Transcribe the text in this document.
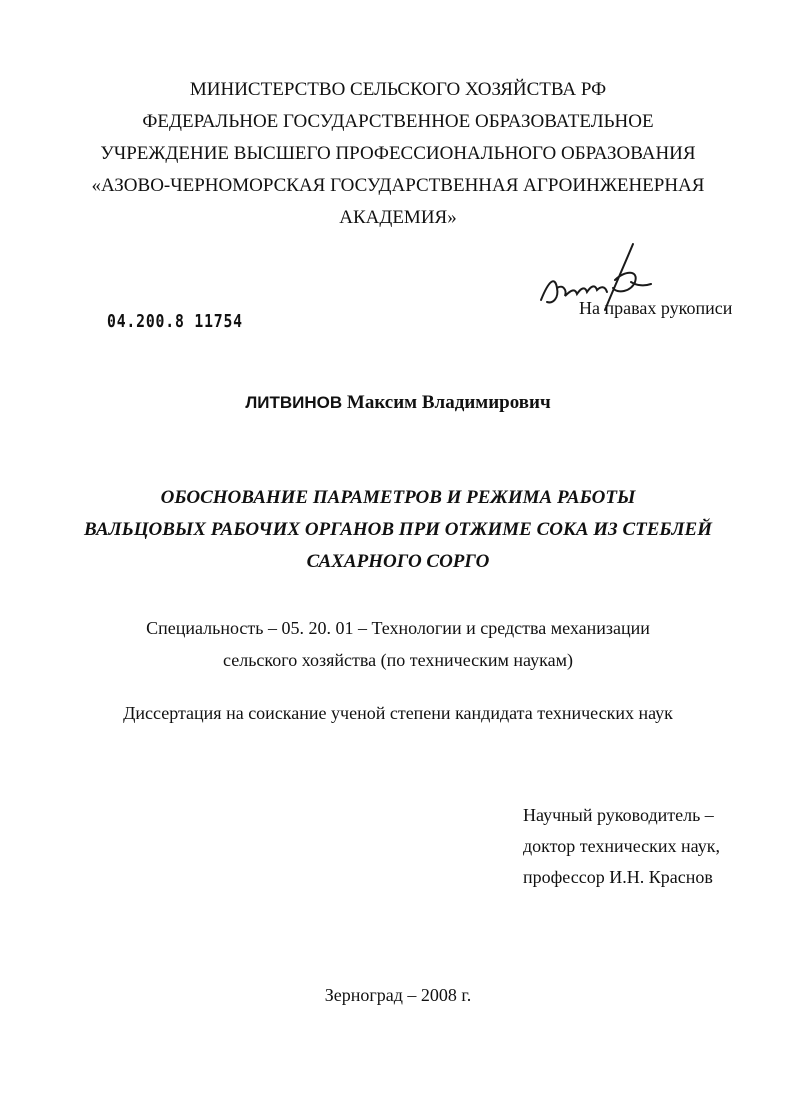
МИНИСТЕРСТВО СЕЛЬСКОГО ХОЗЯЙСТВА РФ
ФЕДЕРАЛЬНОЕ ГОСУДАРСТВЕННОЕ ОБРАЗОВАТЕЛЬНОЕ
УЧРЕЖДЕНИЕ ВЫСШЕГО ПРОФЕССИОНАЛЬНОГО ОБРАЗОВАНИЯ
«АЗОВО-ЧЕРНОМОРСКАЯ ГОСУДАРСТВЕННАЯ АГРОИНЖЕНЕРНАЯ
АКАДЕМИЯ»
На правах рукописи
04.200.8 11754
ЛИТВИНОВ Максим Владимирович
ОБОСНОВАНИЕ ПАРАМЕТРОВ И РЕЖИМА РАБОТЫ
ВАЛЬЦОВЫХ РАБОЧИХ ОРГАНОВ ПРИ ОТЖИМЕ СОКА ИЗ СТЕБЛЕЙ
САХАРНОГО СОРГО
Специальность – 05. 20. 01 – Технологии и средства механизации
сельского хозяйства (по техническим наукам)
Диссертация на соискание ученой степени кандидата технических наук
Научный руководитель –
доктор технических наук,
профессор И.Н. Краснов
Зерноград – 2008 г.
